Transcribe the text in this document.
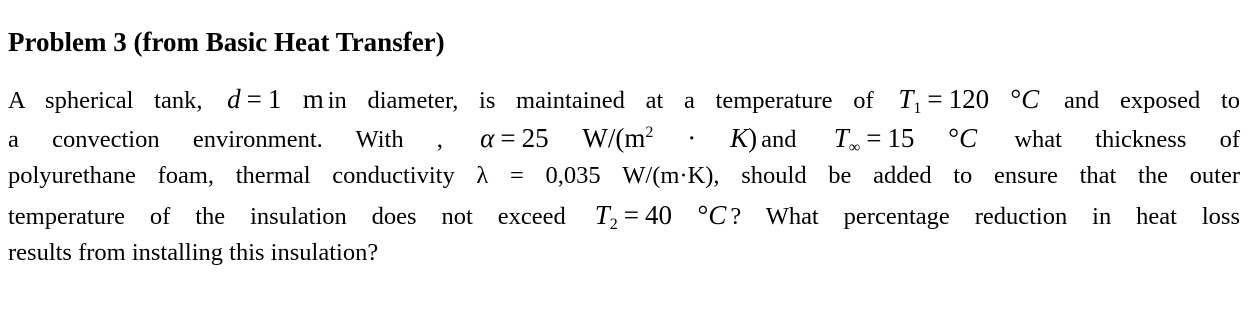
Problem 3 (from Basic Heat Transfer)
A spherical tank, d = 1 m in diameter, is maintained at a temperature of $T_1 = 120$ °C and exposed to
a convection environment. With , α = 25 $W/(m^2 \cdot K)$ and $T_\infty = 15$ °C what thickness of
polyurethane foam, thermal conductivity λ = 0,035 W/(m·K), should be added to ensure that the outer
temperature of the insulation does not exceed $T_2 = 40$ °C ? What percentage reduction in heat loss
results from installing this insulation?
